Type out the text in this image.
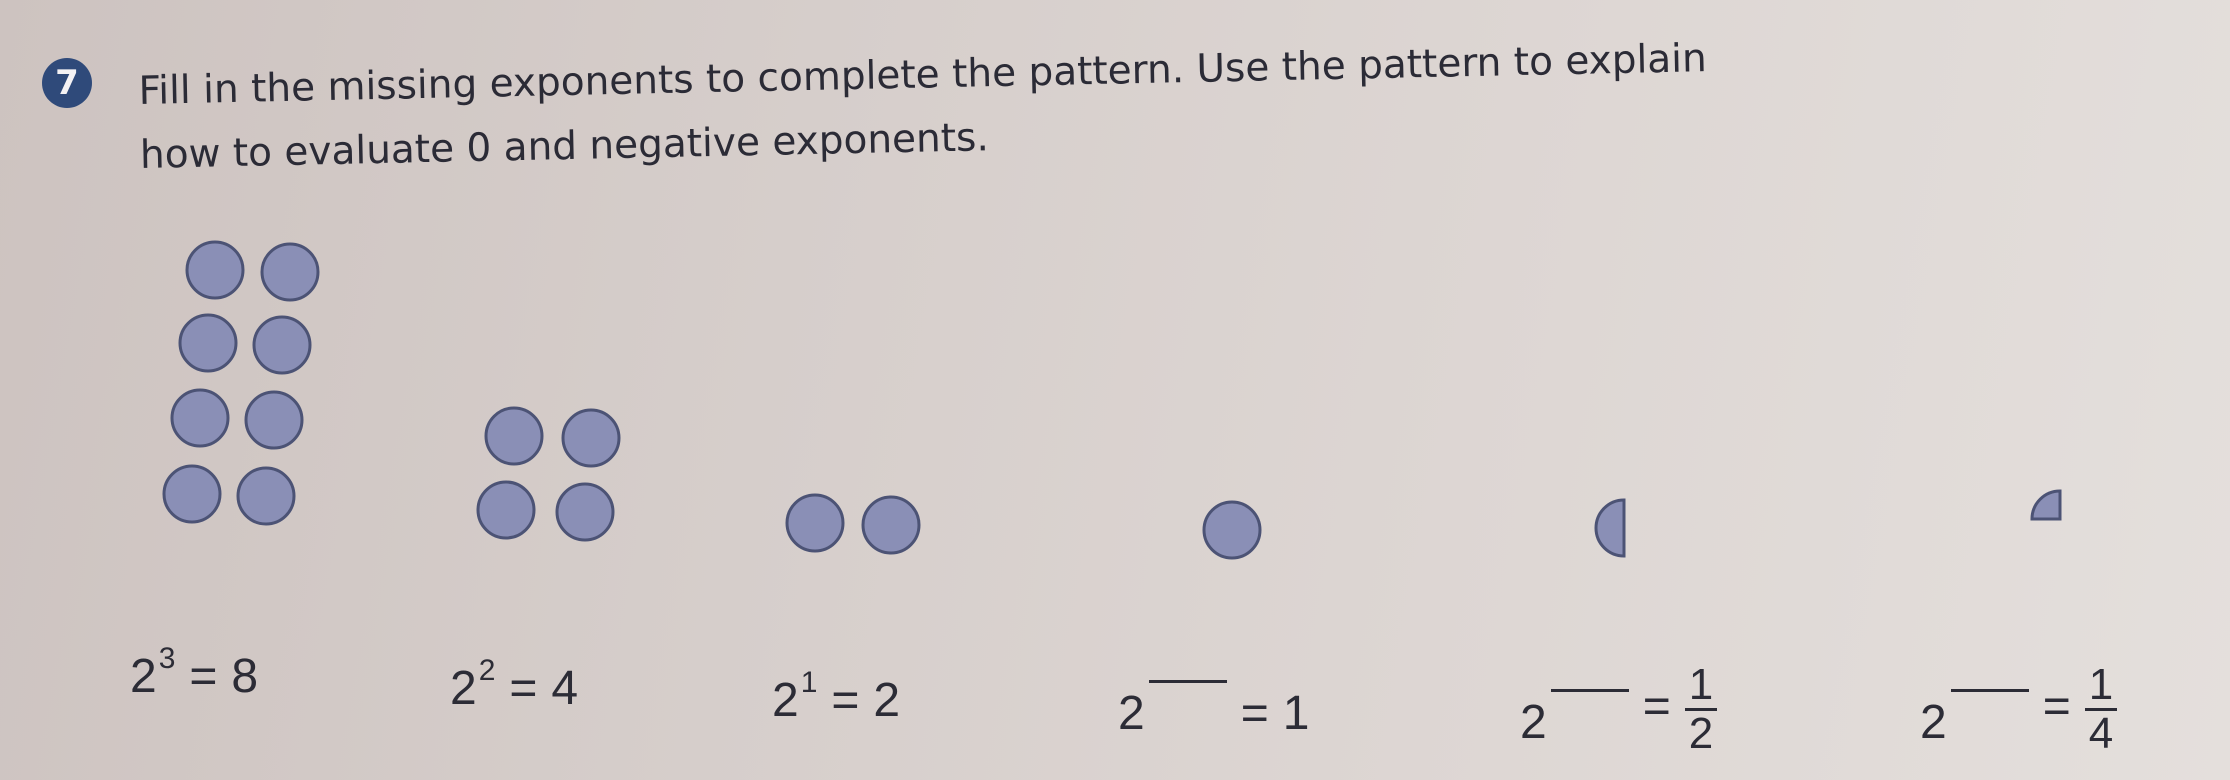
7	Fill in the missing exponents to complete the pattern. Use the pattern to explain
how to evaluate 0 and negative exponents.
23 = 8	22 = 4	21 = 2	2 = 1	$2 = \frac{1}{2}$	$2 = \frac{1}{4}$
